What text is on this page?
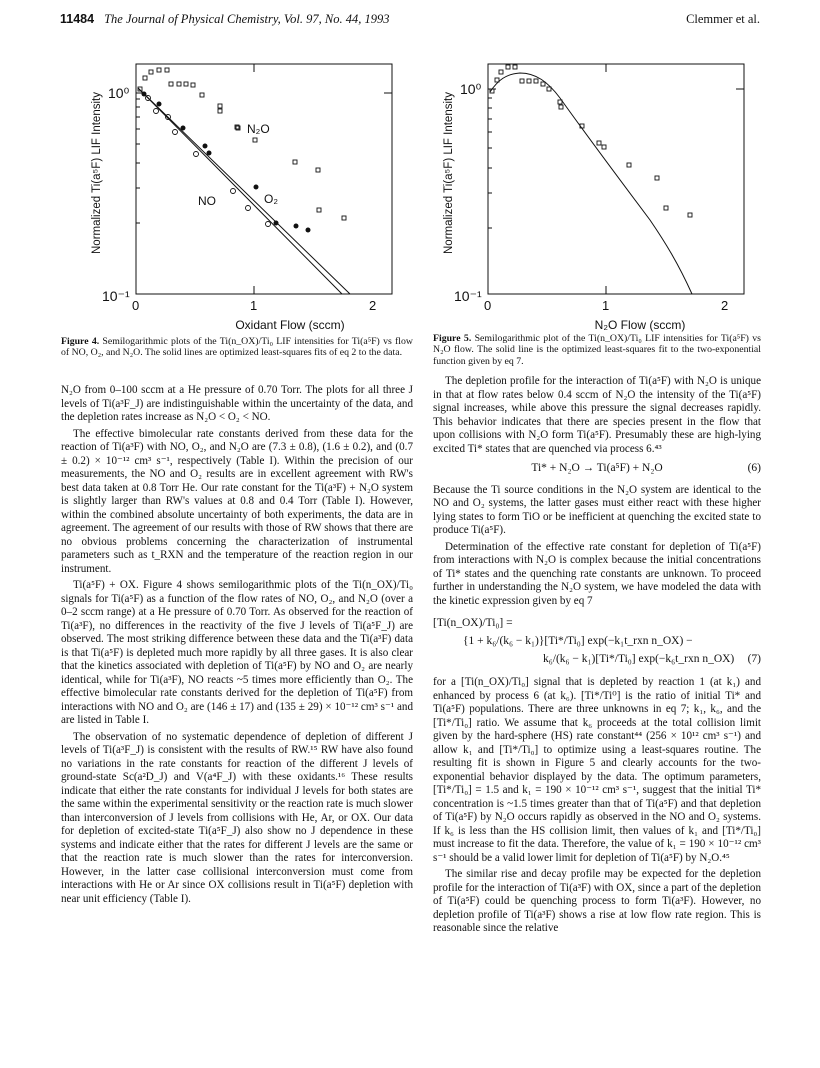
11484 The Journal of Physical Chemistry, Vol. 97, No. 44, 1993	Clemmer et al.
10⁰
10⁻¹
0	1	2
Normalized Ti(a⁵F) LIF Intensity	N₂O
O₂
NO
Oxidant Flow (sccm)
Figure 4. Semilogarithmic plots of the Ti(n_OX)/Ti₀ LIF intensities for Ti(a⁵F) vs flow of NO, O₂, and N₂O. The solid lines are optimized least-squares fits of eq 2 to the data.
10⁰
10⁻¹
0	1	2
Normalized Ti(a⁵F) LIF Intensity
N₂O Flow (sccm)
Figure 5. Semilogarithmic plot of the Ti(n_OX)/Ti₀ LIF intensities for Ti(a⁵F) vs N₂O flow. The solid line is the optimized least-squares fit to the two-exponential function given by eq 7.

N₂O from 0–100 sccm at a He pressure of 0.70 Torr. The plots for all three J levels of Ti(a³F_J) are indistinguishable within the uncertainty of the data, and the depletion rates increase as N₂O < O₂ < NO.

The effective bimolecular rate constants derived from these data for the reaction of Ti(a³F) with NO, O₂, and N₂O are (7.3 ± 0.8), (1.6 ± 0.2), and (0.7 ± 0.2) × 10⁻¹² cm³ s⁻¹, respectively (Table I). Within the precision of our measurements, the NO and O₂ results are in excellent agreement with RW's best data taken at 0.8 Torr He. Our rate constant for the Ti(a³F) + N₂O system is slightly larger than RW's values at 0.8 and 0.4 Torr (Table I). However, within the combined absolute uncertainty of both experiments, the data are in agreement. The agreement of our results with those of RW shows that there are no obvious problems concerning the characterization of instrumental parameters such as t_RXN and the temperature of the reaction region in our instrument.

Ti(a⁵F) + OX. Figure 4 shows semilogarithmic plots of the Ti(n_OX)/Ti₀ signals for Ti(a⁵F) as a function of the flow rates of NO, O₂, and N₂O (over a 0–2 sccm range) at a He pressure of 0.70 Torr. As observed for the reaction of Ti(a³F), no differences in the reactivity of the five J levels of Ti(a⁵F_J) are observed. The most striking difference between these data and the Ti(a³F) data is that Ti(a⁵F) is depleted much more rapidly by all three gases. It is also clear that the kinetics associated with depletion of Ti(a⁵F) by NO and O₂ are nearly identical, while for Ti(a³F), NO reacts ~5 times more efficiently than O₂. The effective bimolecular rate constants derived for the depletion of Ti(a⁵F) from interactions with NO and O₂ are (146 ± 17) and (135 ± 29) × 10⁻¹² cm³ s⁻¹ and are listed in Table I.

The observation of no systematic dependence of depletion of different J levels of Ti(a³F_J) is consistent with the results of RW.¹⁵ RW have also found no variations in the rate constants for reaction of the different J levels of ground-state Sc(a²D_J) and V(a⁴F_J) with these oxidants.¹⁶ These results indicate that either the rate constants for individual J levels for both states are the same within the experimental sensitivity or the reaction rate is much slower than interconversion of J levels from collisions with He, Ar, or OX. Our data for depletion of excited-state Ti(a⁵F_J) also show no J dependence in these systems and indicate either that the rates for different J levels are the same or that the reaction rate is much slower than the rates for interconversion. However, in the latter case collisional interconversion must come from interactions with He or Ar since OX collisions result in Ti(a⁵F) depletion with near unit efficiency (Table I).

The depletion profile for the interaction of Ti(a⁵F) with N₂O is unique in that at flow rates below 0.4 sccm of N₂O the intensity of the Ti(a⁵F) signal increases, while above this pressure the signal decreases rapidly. This behavior indicates that there are species present in the flow that upon collisions with N₂O form Ti(a⁵F). Presumably these are high-lying excited Ti* states that are quenched via process 6.⁴³

Ti* + N₂O → Ti(a⁵F) + N₂O	(6)

Because the Ti source conditions in the N₂O system are identical to the NO and O₂ systems, the latter gases must either react with these higher lying states to form TiO or be inefficient at quenching the excited state to produce Ti(a⁵F).

Determination of the effective rate constant for depletion of Ti(a⁵F) from interactions with N₂O is complex because the initial concentrations of Ti* states and the quenching rate constants are unknown. To proceed further in understanding the N₂O system, we have modeled the data with the kinetic expression given by eq 7

[Ti(n_OX)/Ti₀] =
{1 + k₆/(k₆ − k₁)}[Ti*/Ti₀] exp(−k₁t_rxn n_OX) −
k₆/(k₆ − k₁)[Ti*/Ti₀] exp(−k₆t_rxn n_OX) (7)

for a [Ti(n_OX)/Ti₀] signal that is depleted by reaction 1 (at k₁) and enhanced by process 6 (at k₆). [Ti*/Ti⁰] is the ratio of initial Ti* and Ti(a⁵F) populations. There are three unknowns in eq 7; k₁, k₆, and the [Ti*/Ti₀] ratio. We assume that k₆ proceeds at the total collision limit given by the hard-sphere (HS) rate constant⁴⁴ (256 × 10¹² cm³ s⁻¹) and allow k₁ and [Ti*/Ti₀] to optimize using a least-squares routine. The resulting fit is shown in Figure 5 and clearly accounts for the two-exponential behavior displayed by the data. The optimum parameters, [Ti*/Ti₀] = 1.5 and k₁ = 190 × 10⁻¹² cm³ s⁻¹, suggest that the initial Ti* concentration is ~1.5 times greater than that of Ti(a⁵F) and that depletion of Ti(a⁵F) by N₂O occurs rapidly as observed in the NO and O₂ systems. If k₆ is less than the HS collision limit, then values of k₁ and [Ti*/Ti₀] must increase to fit the data. Therefore, the value of k₁ = 190 × 10⁻¹² cm³ s⁻¹ should be a valid lower limit for depletion of Ti(a⁵F) by N₂O.⁴⁵

The similar rise and decay profile may be expected for the depletion profile for the interaction of Ti(a³F) with OX, since a part of the depletion of Ti(a⁵F) could be quenching process to form Ti(a³F). However, no depletion profile of Ti(a³F) shows a rise at low flow rate region. This is reasonable since the relative
